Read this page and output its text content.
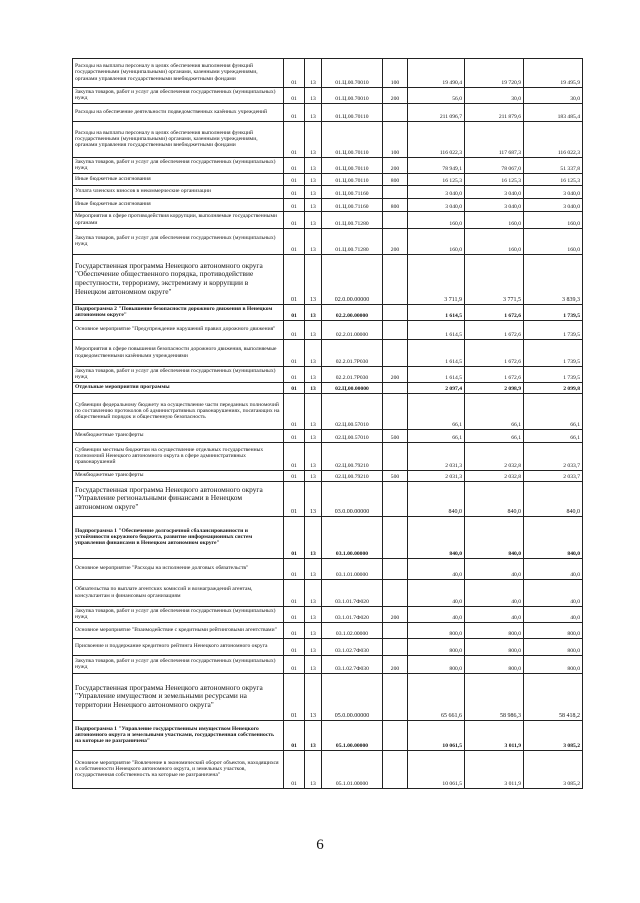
Расходы на выплаты персоналу в целях обеспечения выполнения функций государственными (муниципальными) органами, казенными учреждениями, органами управления государственными внебюджетными фондами	01	13	01.Ц.00.70010	100	19 490,4	19 720,9	19 495,9
Закупка товаров, работ и услуг для обеспечения государственных (муниципальных) нужд	01	13	01.Ц.00.70010	200	56,0	30,0	30,0
Расходы на обеспечение деятельности подведомственных казённых учреждений	01	13	01.Ц.00.70110		211 096,7	211 879,6	183 485,4
Расходы на выплаты персоналу в целях обеспечения выполнения функций государственными (муниципальными) органами, казенными учреждениями, органами управления государственными внебюджетными фондами	01	13	01.Ц.00.70110	100	116 022,3	117 687,3	116 022,3
Закупка товаров, работ и услуг для обеспечения государственных (муниципальных) нужд	01	13	01.Ц.00.70110	200	78 949,1	78 067,0	51 337,8
Иные бюджетные ассигнования	01	13	01.Ц.00.70110	800	16 125,3	16 125,3	16 125,3
Уплата членских взносов в некоммерческие организации	01	13	01.Ц.00.71160		3 040,0	3 040,0	3 040,0
Иные бюджетные ассигнования	01	13	01.Ц.00.71160	800	3 040,0	3 040,0	3 040,0
Мероприятия в сфере противодействия коррупции, выполняемые государственными органами	01	13	01.Ц.00.71280		160,0	160,0	160,0
Закупка товаров, работ и услуг для обеспечения государственных (муниципальных) нужд	01	13	01.Ц.00.71280	200	160,0	160,0	160,0
Государственная программа Ненецкого автономного округа "Обеспечение общественного порядка, противодействие преступности, терроризму, экстремизму и коррупции в Ненецком автономном округе"	01	13	02.0.00.00000		3 711,9	3 771,5	3 839,3
Подпрограмма 2 "Повышение безопасности дорожного движения в Ненецком автономном округе"	01	13	02.2.00.00000		1 614,5	1 672,6	1 739,5
Основное мероприятие "Предупреждение нарушений правил дорожного движения"	01	13	02.2.01.00000		1 614,5	1 672,6	1 739,5
Мероприятия в сфере повышения безопасности дорожного движения, выполняемые подведомственными казёнными учреждениями	01	13	02.2.01.7Р030		1 614,5	1 672,6	1 739,5
Закупка товаров, работ и услуг для обеспечения государственных (муниципальных) нужд	01	13	02.2.01.7Р030	200	1 614,5	1 672,6	1 739,5
Отдельные мероприятия программы	01	13	02.Ц.00.00000		2 097,4	2 098,9	2 099,8
Субвенции федеральному бюджету на осуществление части переданных полномочий по составлению протоколов об административных правонарушениях, посягающих на общественный порядок и общественную безопасность	01	13	02.Ц.00.57010		66,1	66,1	66,1
Межбюджетные трансферты	01	13	02.Ц.00.57010	500	66,1	66,1	66,1
Субвенции местным бюджетам на осуществление отдельных государственных полномочий Ненецкого автономного округа в сфере административных правонарушений	01	13	02.Ц.00.79210		2 031,3	2 032,8	2 033,7
Межбюджетные трансферты	01	13	02.Ц.00.79210	500	2 031,3	2 032,8	2 033,7
Государственная программа Ненецкого автономного округа "Управление региональными финансами в Ненецком автономном округе"	01	13	03.0.00.00000		840,0	840,0	840,0
Подпрограмма 1 "Обеспечение долгосрочной сбалансированности и устойчивости окружного бюджета, развитие информационных систем управления финансами в Ненецком автономном округе"	01	13	03.1.00.00000		840,0	840,0	840,0
Основное мероприятие "Расходы на исполнение долговых обязательств"	01	13	03.1.01.00000		40,0	40,0	40,0
Обязательства по выплате агентских комиссий и вознаграждений агентам, консультантам и финансовым организациям	01	13	03.1.01.7Ф020		40,0	40,0	40,0
Закупка товаров, работ и услуг для обеспечения государственных (муниципальных) нужд	01	13	03.1.01.7Ф020	200	40,0	40,0	40,0
Основное мероприятие "Взаимодействие с кредитными рейтинговыми агентствами"	01	13	03.1.02.00000		800,0	800,0	800,0
Присвоение и поддержание кредитного рейтинга Ненецкого автономного округа	01	13	03.1.02.7Ф030		800,0	800,0	800,0
Закупка товаров, работ и услуг для обеспечения государственных (муниципальных) нужд	01	13	03.1.02.7Ф030	200	800,0	800,0	800,0
Государственная программа Ненецкого автономного округа "Управление имуществом и земельными ресурсами на территории Ненецкого автономного округа"	01	13	05.0.00.00000		65 661,6	58 986,3	58 418,2
Подпрограмма 1 "Управление государственным имуществом Ненецкого автономного округа и земельными участками, государственная собственность на которые не разграничена"	01	13	05.1.00.00000		10 061,5	3 011,9	3 085,2
Основное мероприятие "Вовлечение в экономический оборот объектов, находящихся в собственности Ненецкого автономного округа, и земельных участков, государственная собственность на которые не разграничена"	01	13	05.1.01.00000		10 061,5	3 011,9	3 085,2
6
